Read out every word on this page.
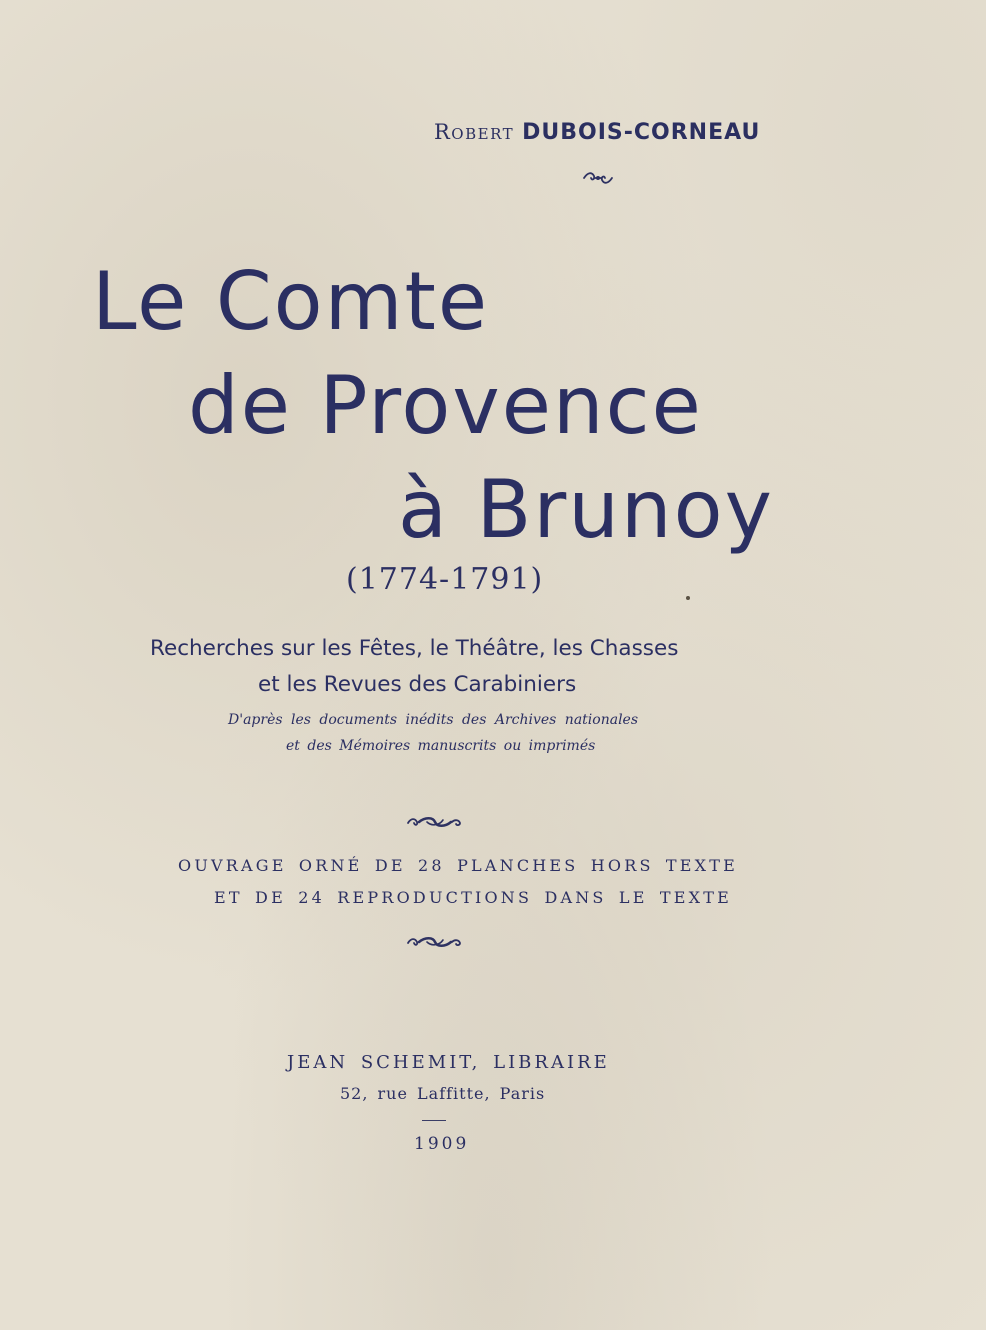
Robert DUBOIS-CORNEAU
Le Comte
de Provence
à Brunoy
(1774-1791)
Recherches sur les Fêtes, le Théâtre, les Chasses
et les Revues des Carabiniers
D'après les documents inédits des Archives nationales
et des Mémoires manuscrits ou imprimés
OUVRAGE ORNÉ DE 28 PLANCHES HORS TEXTE
ET DE 24 REPRODUCTIONS DANS LE TEXTE
JEAN SCHEMIT, LIBRAIRE
52, rue Laffitte, Paris
1909
